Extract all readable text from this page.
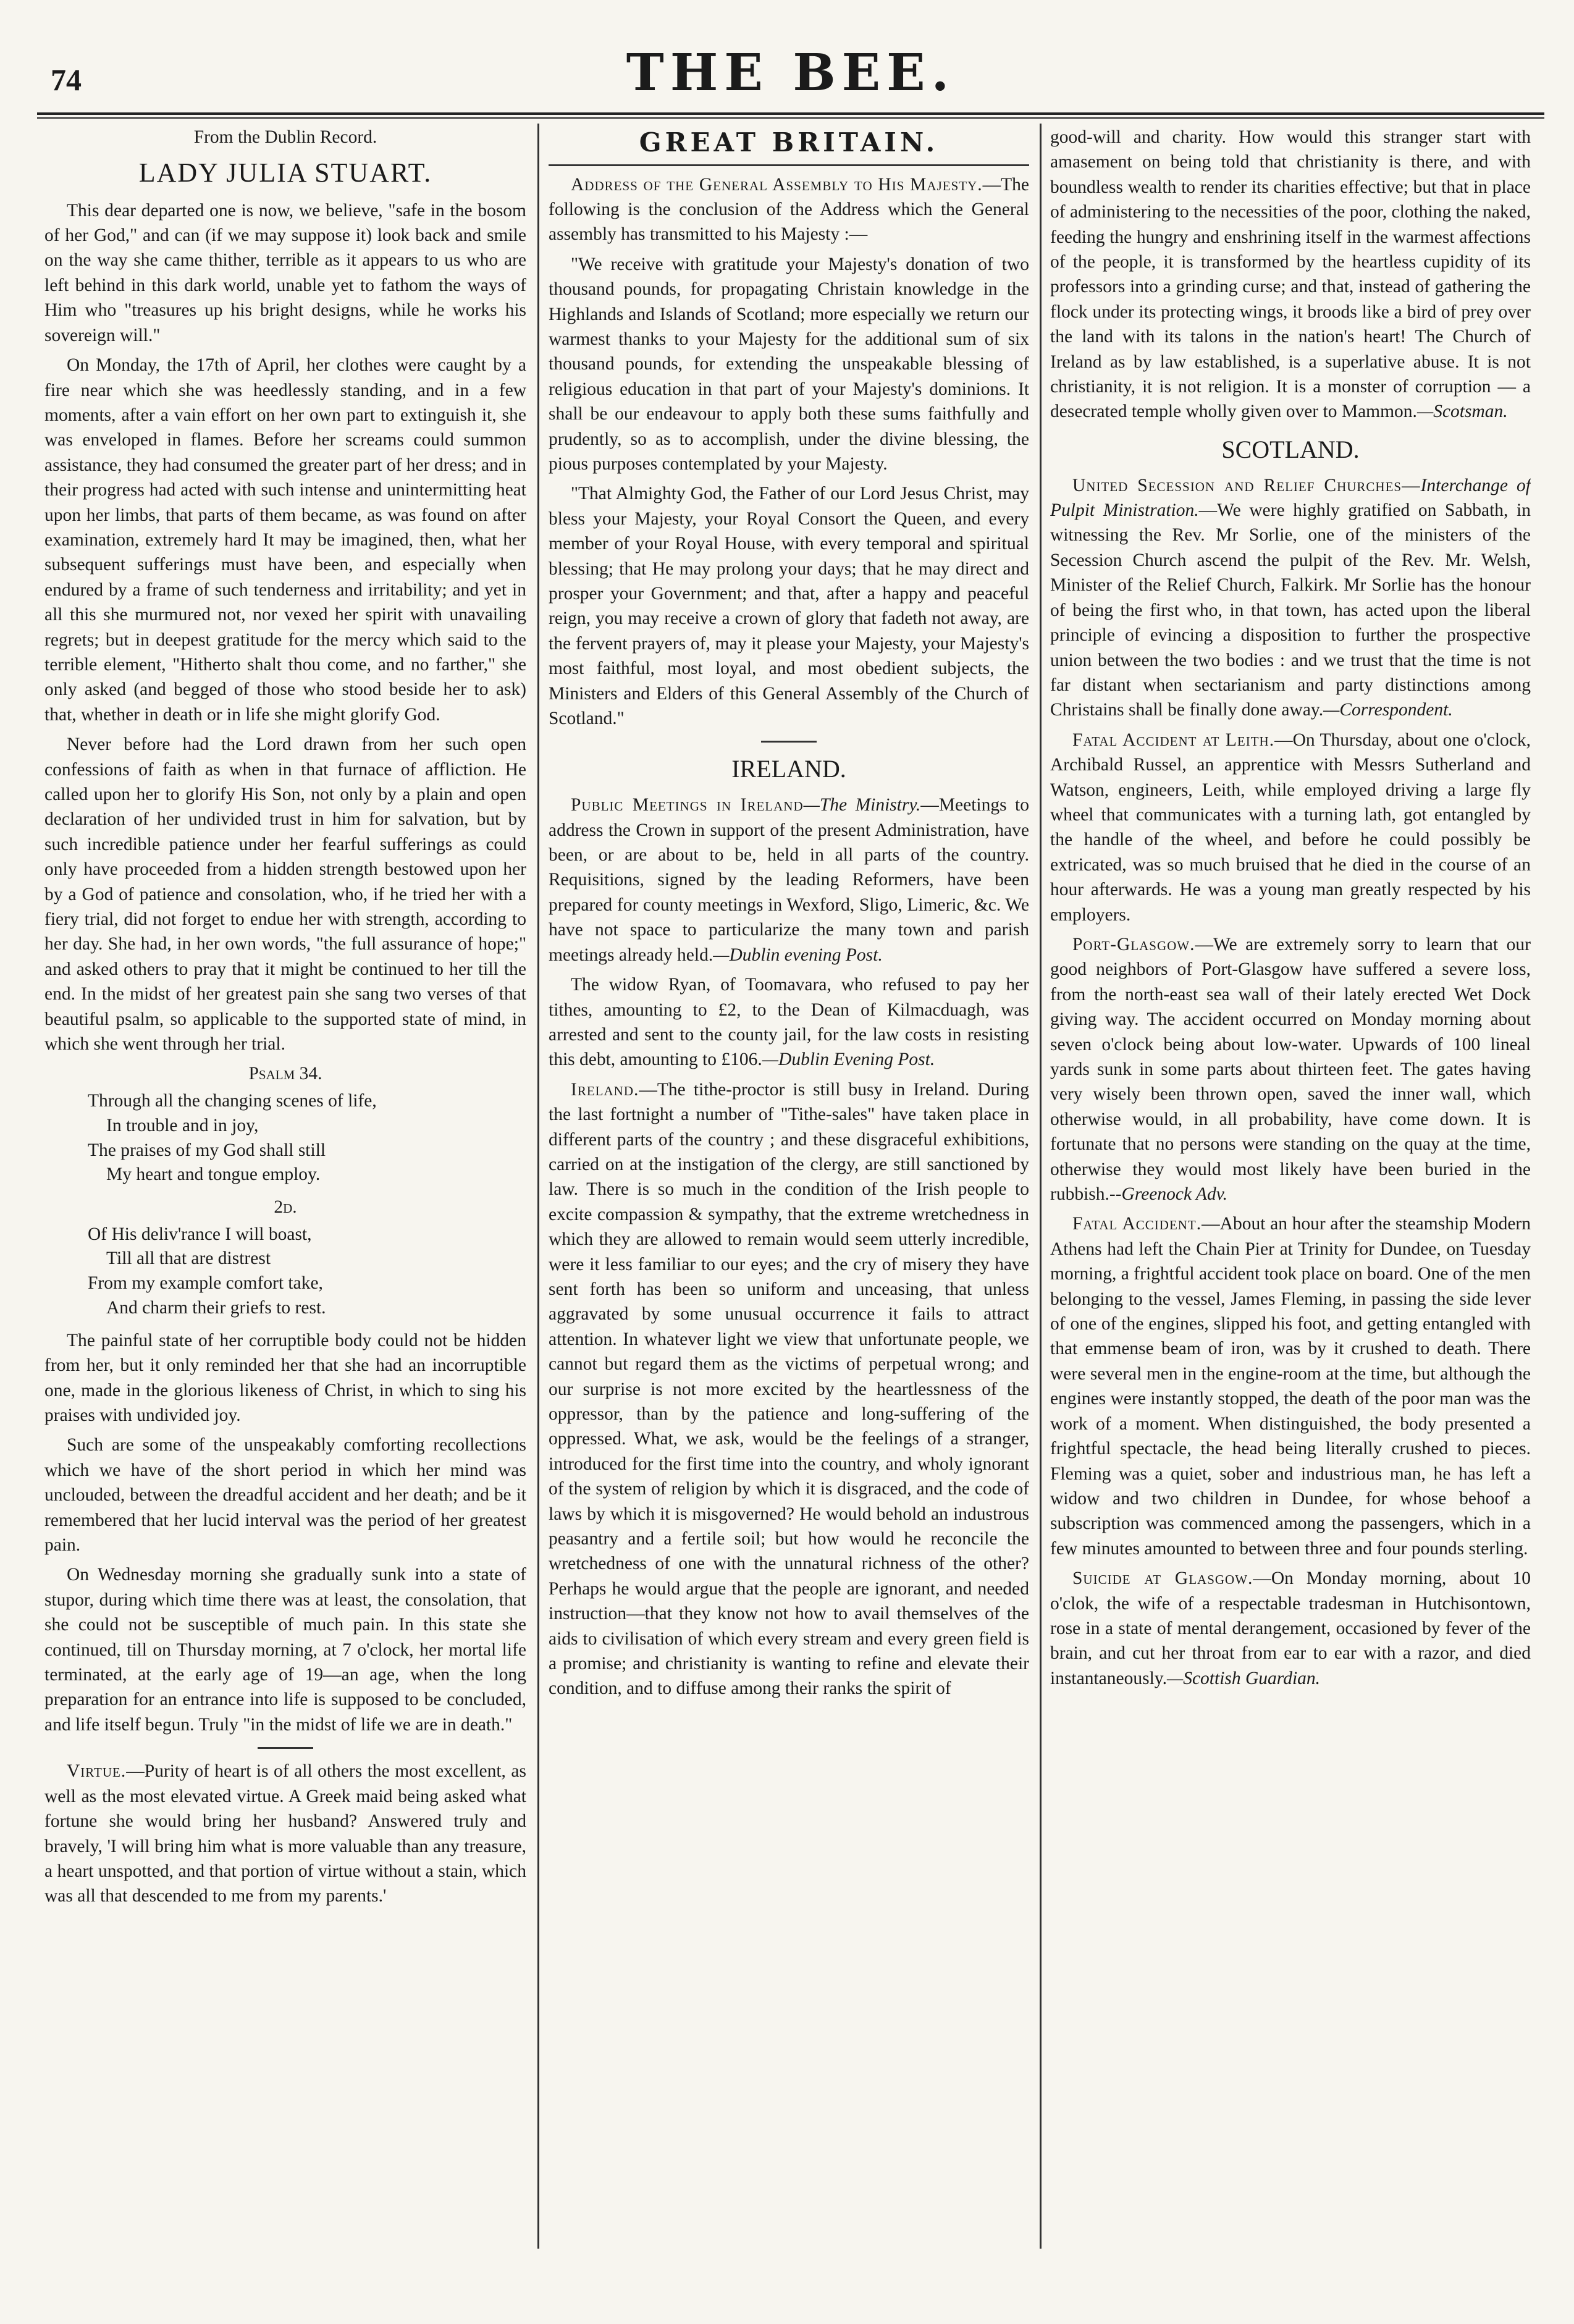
74	THE BEE.

From the Dublin Record.

LADY JULIA STUART.

This dear departed one is now, we believe, "safe in the bosom of her God," and can (if we may suppose it) look back and smile on the way she came thither, terrible as it appears to us who are left behind in this dark world, unable yet to fathom the ways of Him who "treasures up his bright designs, while he works his sovereign will."

On Monday, the 17th of April, her clothes were caught by a fire near which she was heedlessly standing, and in a few moments, after a vain effort on her own part to extinguish it, she was enveloped in flames. Before her screams could summon assistance, they had consumed the greater part of her dress; and in their progress had acted with such intense and unintermitting heat upon her limbs, that parts of them became, as was found on after examination, extremely hard It may be imagined, then, what her subsequent sufferings must have been, and especially when endured by a frame of such tenderness and irritability; and yet in all this she murmured not, nor vexed her spirit with unavailing regrets; but in deepest gratitude for the mercy which said to the terrible element, "Hitherto shalt thou come, and no farther," she only asked (and begged of those who stood beside her to ask) that, whether in death or in life she might glorify God.

Never before had the Lord drawn from her such open confessions of faith as when in that furnace of affliction. He called upon her to glorify His Son, not only by a plain and open declaration of her undivided trust in him for salvation, but by such incredible patience under her fearful sufferings as could only have proceeded from a hidden strength bestowed upon her by a God of patience and consolation, who, if he tried her with a fiery trial, did not forget to endue her with strength, according to her day. She had, in her own words, "the full assurance of hope;" and asked others to pray that it might be continued to her till the end. In the midst of her greatest pain she sang two verses of that beautiful psalm, so applicable to the supported state of mind, in which she went through her trial.

Psalm 34.
Through all the changing scenes of life,
In trouble and in joy,
The praises of my God shall still
My heart and tongue employ.
2d.
Of His deliv'rance I will boast,
Till all that are distrest
From my example comfort take,
And charm their griefs to rest.

The painful state of her corruptible body could not be hidden from her, but it only reminded her that she had an incorruptible one, made in the glorious likeness of Christ, in which to sing his praises with undivided joy.

Such are some of the unspeakably comforting recollections which we have of the short period in which her mind was unclouded, between the dreadful accident and her death; and be it remembered that her lucid interval was the period of her greatest pain.

On Wednesday morning she gradually sunk into a state of stupor, during which time there was at least, the consolation, that she could not be susceptible of much pain. In this state she continued, till on Thursday morning, at 7 o'clock, her mortal life terminated, at the early age of 19—an age, when the long preparation for an entrance into life is supposed to be concluded, and life itself begun. Truly "in the midst of life we are in death."

Virtue.—Purity of heart is of all others the most excellent, as well as the most elevated virtue. A Greek maid being asked what fortune she would bring her husband? Answered truly and bravely, 'I will bring him what is more valuable than any treasure, a heart unspotted, and that portion of virtue without a stain, which was all that descended to me from my parents.'

GREAT BRITAIN.

Address of the General Assembly to His Majesty.—The following is the conclusion of the Address which the General assembly has transmitted to his Majesty :—

"We receive with gratitude your Majesty's donation of two thousand pounds, for propagating Christain knowledge in the Highlands and Islands of Scotland; more especially we return our warmest thanks to your Majesty for the additional sum of six thousand pounds, for extending the unspeakable blessing of religious education in that part of your Majesty's dominions. It shall be our endeavour to apply both these sums faithfully and prudently, so as to accomplish, under the divine blessing, the pious purposes contemplated by your Majesty.

"That Almighty God, the Father of our Lord Jesus Christ, may bless your Majesty, your Royal Consort the Queen, and every member of your Royal House, with every temporal and spiritual blessing; that He may prolong your days; that he may direct and prosper your Government; and that, after a happy and peaceful reign, you may receive a crown of glory that fadeth not away, are the fervent prayers of, may it please your Majesty, your Majesty's most faithful, most loyal, and most obedient subjects, the Ministers and Elders of this General Assembly of the Church of Scotland."

IRELAND.

Public Meetings in Ireland—The Ministry.—Meetings to address the Crown in support of the present Administration, have been, or are about to be, held in all parts of the country. Requisitions, signed by the leading Reformers, have been prepared for county meetings in Wexford, Sligo, Limeric, &c. We have not space to particularize the many town and parish meetings already held.—Dublin evening Post.

The widow Ryan, of Toomavara, who refused to pay her tithes, amounting to £2, to the Dean of Kilmacduagh, was arrested and sent to the county jail, for the law costs in resisting this debt, amounting to £106.—Dublin Evening Post.

Ireland.—The tithe-proctor is still busy in Ireland. During the last fortnight a number of "Tithe-sales" have taken place in different parts of the country ; and these disgraceful exhibitions, carried on at the instigation of the clergy, are still sanctioned by law. There is so much in the condition of the Irish people to excite compassion & sympathy, that the extreme wretchedness in which they are allowed to remain would seem utterly incredible, were it less familiar to our eyes; and the cry of misery they have sent forth has been so uniform and unceasing, that unless aggravated by some unusual occurrence it fails to attract attention. In whatever light we view that unfortunate people, we cannot but regard them as the victims of perpetual wrong; and our surprise is not more excited by the heartlessness of the oppressor, than by the patience and long-suffering of the oppressed. What, we ask, would be the feelings of a stranger, introduced for the first time into the country, and wholy ignorant of the system of religion by which it is disgraced, and the code of laws by which it is misgoverned? He would behold an industrous peasantry and a fertile soil; but how would he reconcile the wretchedness of one with the unnatural richness of the other? Perhaps he would argue that the people are ignorant, and needed instruction—that they know not how to avail themselves of the aids to civilisation of which every stream and every green field is a promise; and christianity is wanting to refine and elevate their condition, and to diffuse among their ranks the spirit of

good-will and charity. How would this stranger start with amasement on being told that christianity is there, and with boundless wealth to render its charities effective; but that in place of administering to the necessities of the poor, clothing the naked, feeding the hungry and enshrining itself in the warmest affections of the people, it is transformed by the heartless cupidity of its professors into a grinding curse; and that, instead of gathering the flock under its protecting wings, it broods like a bird of prey over the land with its talons in the nation's heart! The Church of Ireland as by law established, is a superlative abuse. It is not christianity, it is not religion. It is a monster of corruption — a desecrated temple wholly given over to Mammon.—Scotsman.

SCOTLAND.

United Secession and Relief Churches—Interchange of Pulpit Ministration.—We were highly gratified on Sabbath, in witnessing the Rev. Mr Sorlie, one of the ministers of the Secession Church ascend the pulpit of the Rev. Mr. Welsh, Minister of the Relief Church, Falkirk. Mr Sorlie has the honour of being the first who, in that town, has acted upon the liberal principle of evincing a disposition to further the prospective union between the two bodies : and we trust that the time is not far distant when sectarianism and party distinctions among Christains shall be finally done away.—Correspondent.

Fatal Accident at Leith.—On Thursday, about one o'clock, Archibald Russel, an apprentice with Messrs Sutherland and Watson, engineers, Leith, while employed driving a large fly wheel that communicates with a turning lath, got entangled by the handle of the wheel, and before he could possibly be extricated, was so much bruised that he died in the course of an hour afterwards. He was a young man greatly respected by his employers.

Port-Glasgow.—We are extremely sorry to learn that our good neighbors of Port-Glasgow have suffered a severe loss, from the north-east sea wall of their lately erected Wet Dock giving way. The accident occurred on Monday morning about seven o'clock being about low-water. Upwards of 100 lineal yards sunk in some parts about thirteen feet. The gates having very wisely been thrown open, saved the inner wall, which otherwise would, in all probability, have come down. It is fortunate that no persons were standing on the quay at the time, otherwise they would most likely have been buried in the rubbish.--Greenock Adv.

Fatal Accident.—About an hour after the steamship Modern Athens had left the Chain Pier at Trinity for Dundee, on Tuesday morning, a frightful accident took place on board. One of the men belonging to the vessel, James Fleming, in passing the side lever of one of the engines, slipped his foot, and getting entangled with that emmense beam of iron, was by it crushed to death. There were several men in the engine-room at the time, but although the engines were instantly stopped, the death of the poor man was the work of a moment. When distinguished, the body presented a frightful spectacle, the head being literally crushed to pieces. Fleming was a quiet, sober and industrious man, he has left a widow and two children in Dundee, for whose behoof a subscription was commenced among the passengers, which in a few minutes amounted to between three and four pounds sterling.

Suicide at Glasgow.—On Monday morning, about 10 o'clok, the wife of a respectable tradesman in Hutchisontown, rose in a state of mental derangement, occasioned by fever of the brain, and cut her throat from ear to ear with a razor, and died instantaneously.—Scottish Guardian.
